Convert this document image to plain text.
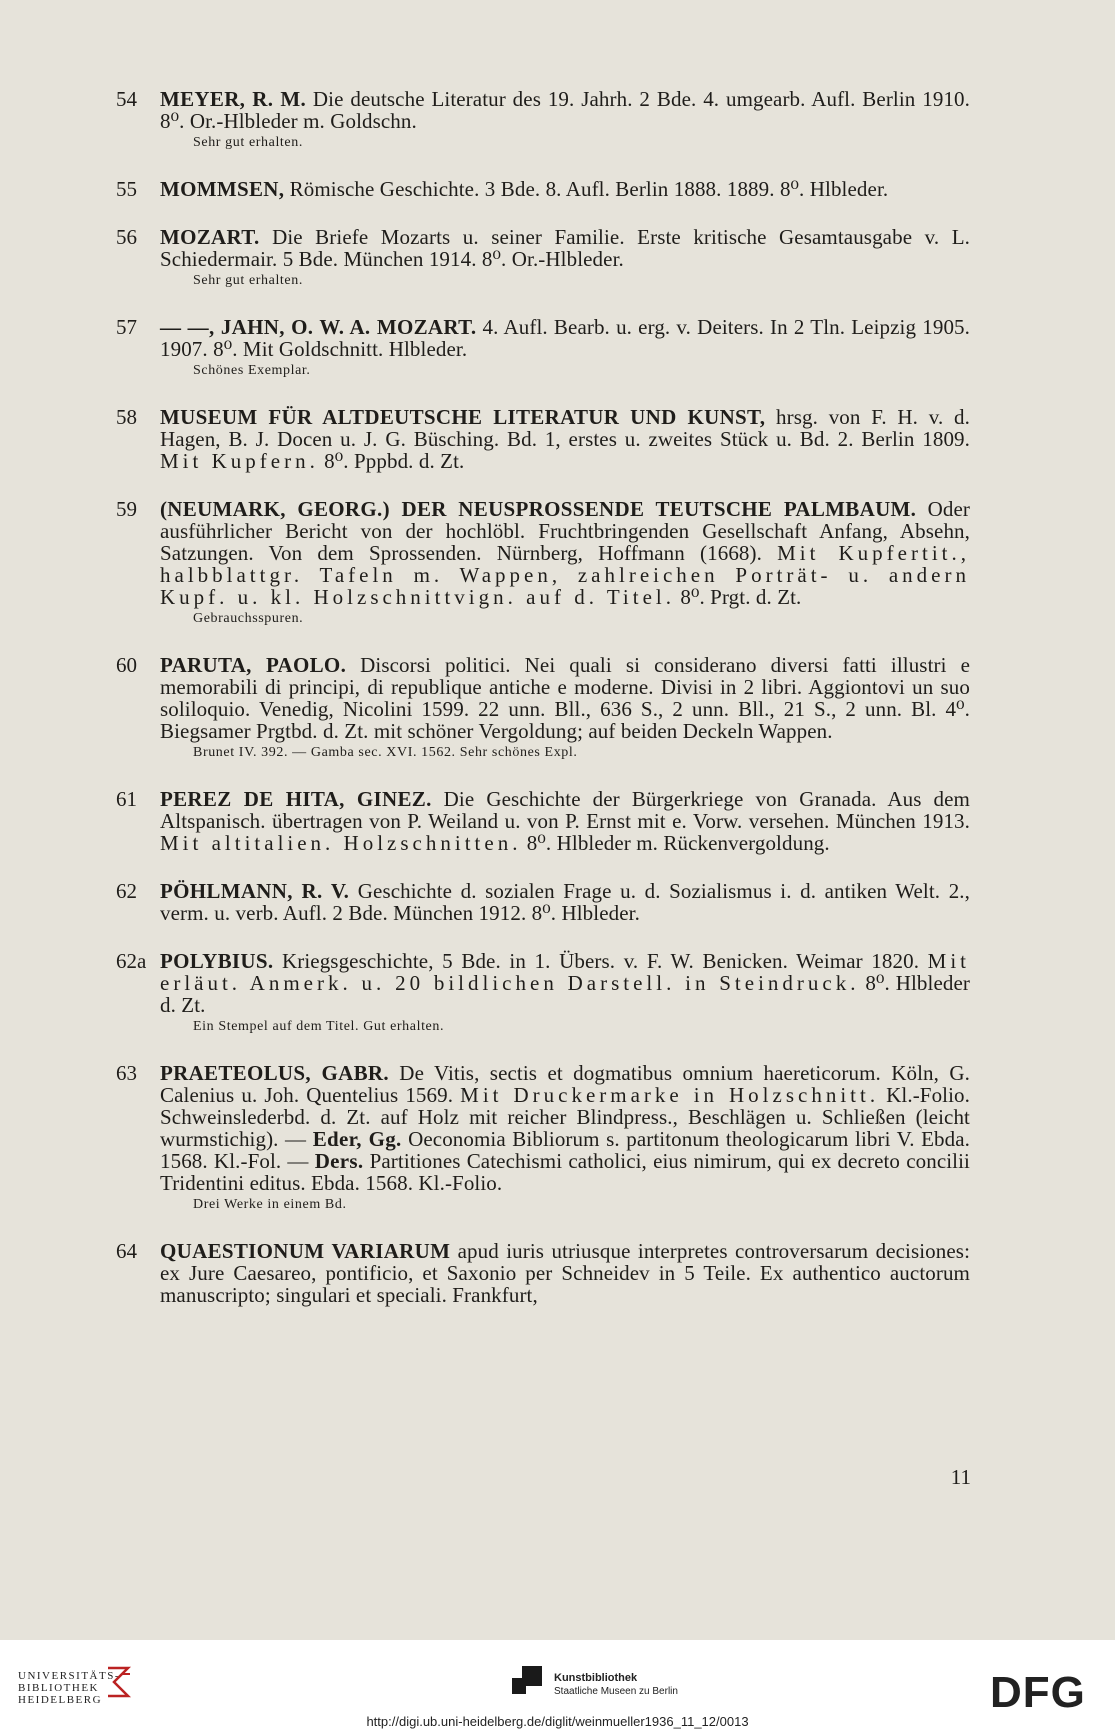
54 MEYER, R. M. Die deutsche Literatur des 19. Jahrh. 2 Bde. 4. umgearb. Aufl. Berlin 1910. 8⁰. Or.-Hlbleder m. Goldschn.
Sehr gut erhalten.
55 MOMMSEN, Römische Geschichte. 3 Bde. 8. Aufl. Berlin 1888. 1889. 8⁰. Hlbleder.
56 MOZART. Die Briefe Mozarts u. seiner Familie. Erste kritische Gesamtausgabe v. L. Schiedermair. 5 Bde. München 1914. 8⁰. Or.-Hlbleder.
Sehr gut erhalten.
57 — —, JAHN, O. W. A. MOZART. 4. Aufl. Bearb. u. erg. v. Deiters. In 2 Tln. Leipzig 1905. 1907. 8⁰. Mit Goldschnitt. Hlbleder.
Schönes Exemplar.
58 MUSEUM FÜR ALTDEUTSCHE LITERATUR UND KUNST, hrsg. von F. H. v. d. Hagen, B. J. Docen u. J. G. Büsching. Bd. 1, erstes u. zweites Stück u. Bd. 2. Berlin 1809. Mit Kupfern. 8⁰. Pppbd. d. Zt.
59 (NEUMARK, GEORG.) DER NEUSPROSSENDE TEUTSCHE PALMBAUM. Oder ausführlicher Bericht von der hochlöbl. Fruchtbringenden Gesellschaft Anfang, Absehn, Satzungen. Von dem Sprossenden. Nürnberg, Hoffmann (1668). Mit Kupfertit., halbblattgr. Tafeln m. Wappen, zahlreichen Porträt- u. andern Kupf. u. kl. Holzschnittvign. auf d. Titel. 8⁰. Prgt. d. Zt.
Gebrauchsspuren.
60 PARUTA, PAOLO. Discorsi politici. Nei quali si considerano diversi fatti illustri e memorabili di principi, di republique antiche e moderne. Divisi in 2 libri. Aggiontovi un suo soliloquio. Venedig, Nicolini 1599. 22 unn. Bll., 636 S., 2 unn. Bll., 21 S., 2 unn. Bl. 4⁰. Biegsamer Prgtbd. d. Zt. mit schöner Vergoldung; auf beiden Deckeln Wappen.
Brunet IV. 392. — Gamba sec. XVI. 1562. Sehr schönes Expl.
61 PEREZ DE HITA, GINEZ. Die Geschichte der Bürgerkriege von Granada. Aus dem Altspanisch. übertragen von P. Weiland u. von P. Ernst mit e. Vorw. versehen. München 1913. Mit altitalien. Holzschnitten. 8⁰. Hlbleder m. Rückenvergoldung.
62 PÖHLMANN, R. V. Geschichte d. sozialen Frage u. d. Sozialismus i. d. antiken Welt. 2., verm. u. verb. Aufl. 2 Bde. München 1912. 8⁰. Hlbleder.
62a POLYBIUS. Kriegsgeschichte, 5 Bde. in 1. Übers. v. F. W. Benicken. Weimar 1820. Mit erläut. Anmerk. u. 20 bildlichen Darstell. in Steindruck. 8⁰. Hlbleder d. Zt.
Ein Stempel auf dem Titel. Gut erhalten.
63 PRAETEOLUS, GABR. De Vitis, sectis et dogmatibus omnium haereticorum. Köln, G. Calenius u. Joh. Quentelius 1569. Mit Druckermarke in Holzschnitt. Kl.-Folio. Schweinslederbd. d. Zt. auf Holz mit reicher Blindpress., Beschlägen u. Schließen (leicht wurmstichig). — Eder, Gg. Oeconomia Bibliorum s. partitonum theologicarum libri V. Ebda. 1568. Kl.-Fol. — Ders. Partitiones Catechismi catholici, eius nimirum, qui ex decreto concilii Tridentini editus. Ebda. 1568. Kl.-Folio.
Drei Werke in einem Bd.
64 QUAESTIONUM VARIARUM apud iuris utriusque interpretes controversarum decisiones: ex Jure Caesareo, pontificio, et Saxonio per Schneidev in 5 Teile. Ex authentico auctorum manuscripto; singulari et speciali. Frankfurt,
11
UNIVERSITÄTS-
BIBLIOTHEK
HEIDELBERG
Kunstbibliothek
Staatliche Museen zu Berlin	DFG
http://digi.ub.uni-heidelberg.de/diglit/weinmueller1936_11_12/0013
